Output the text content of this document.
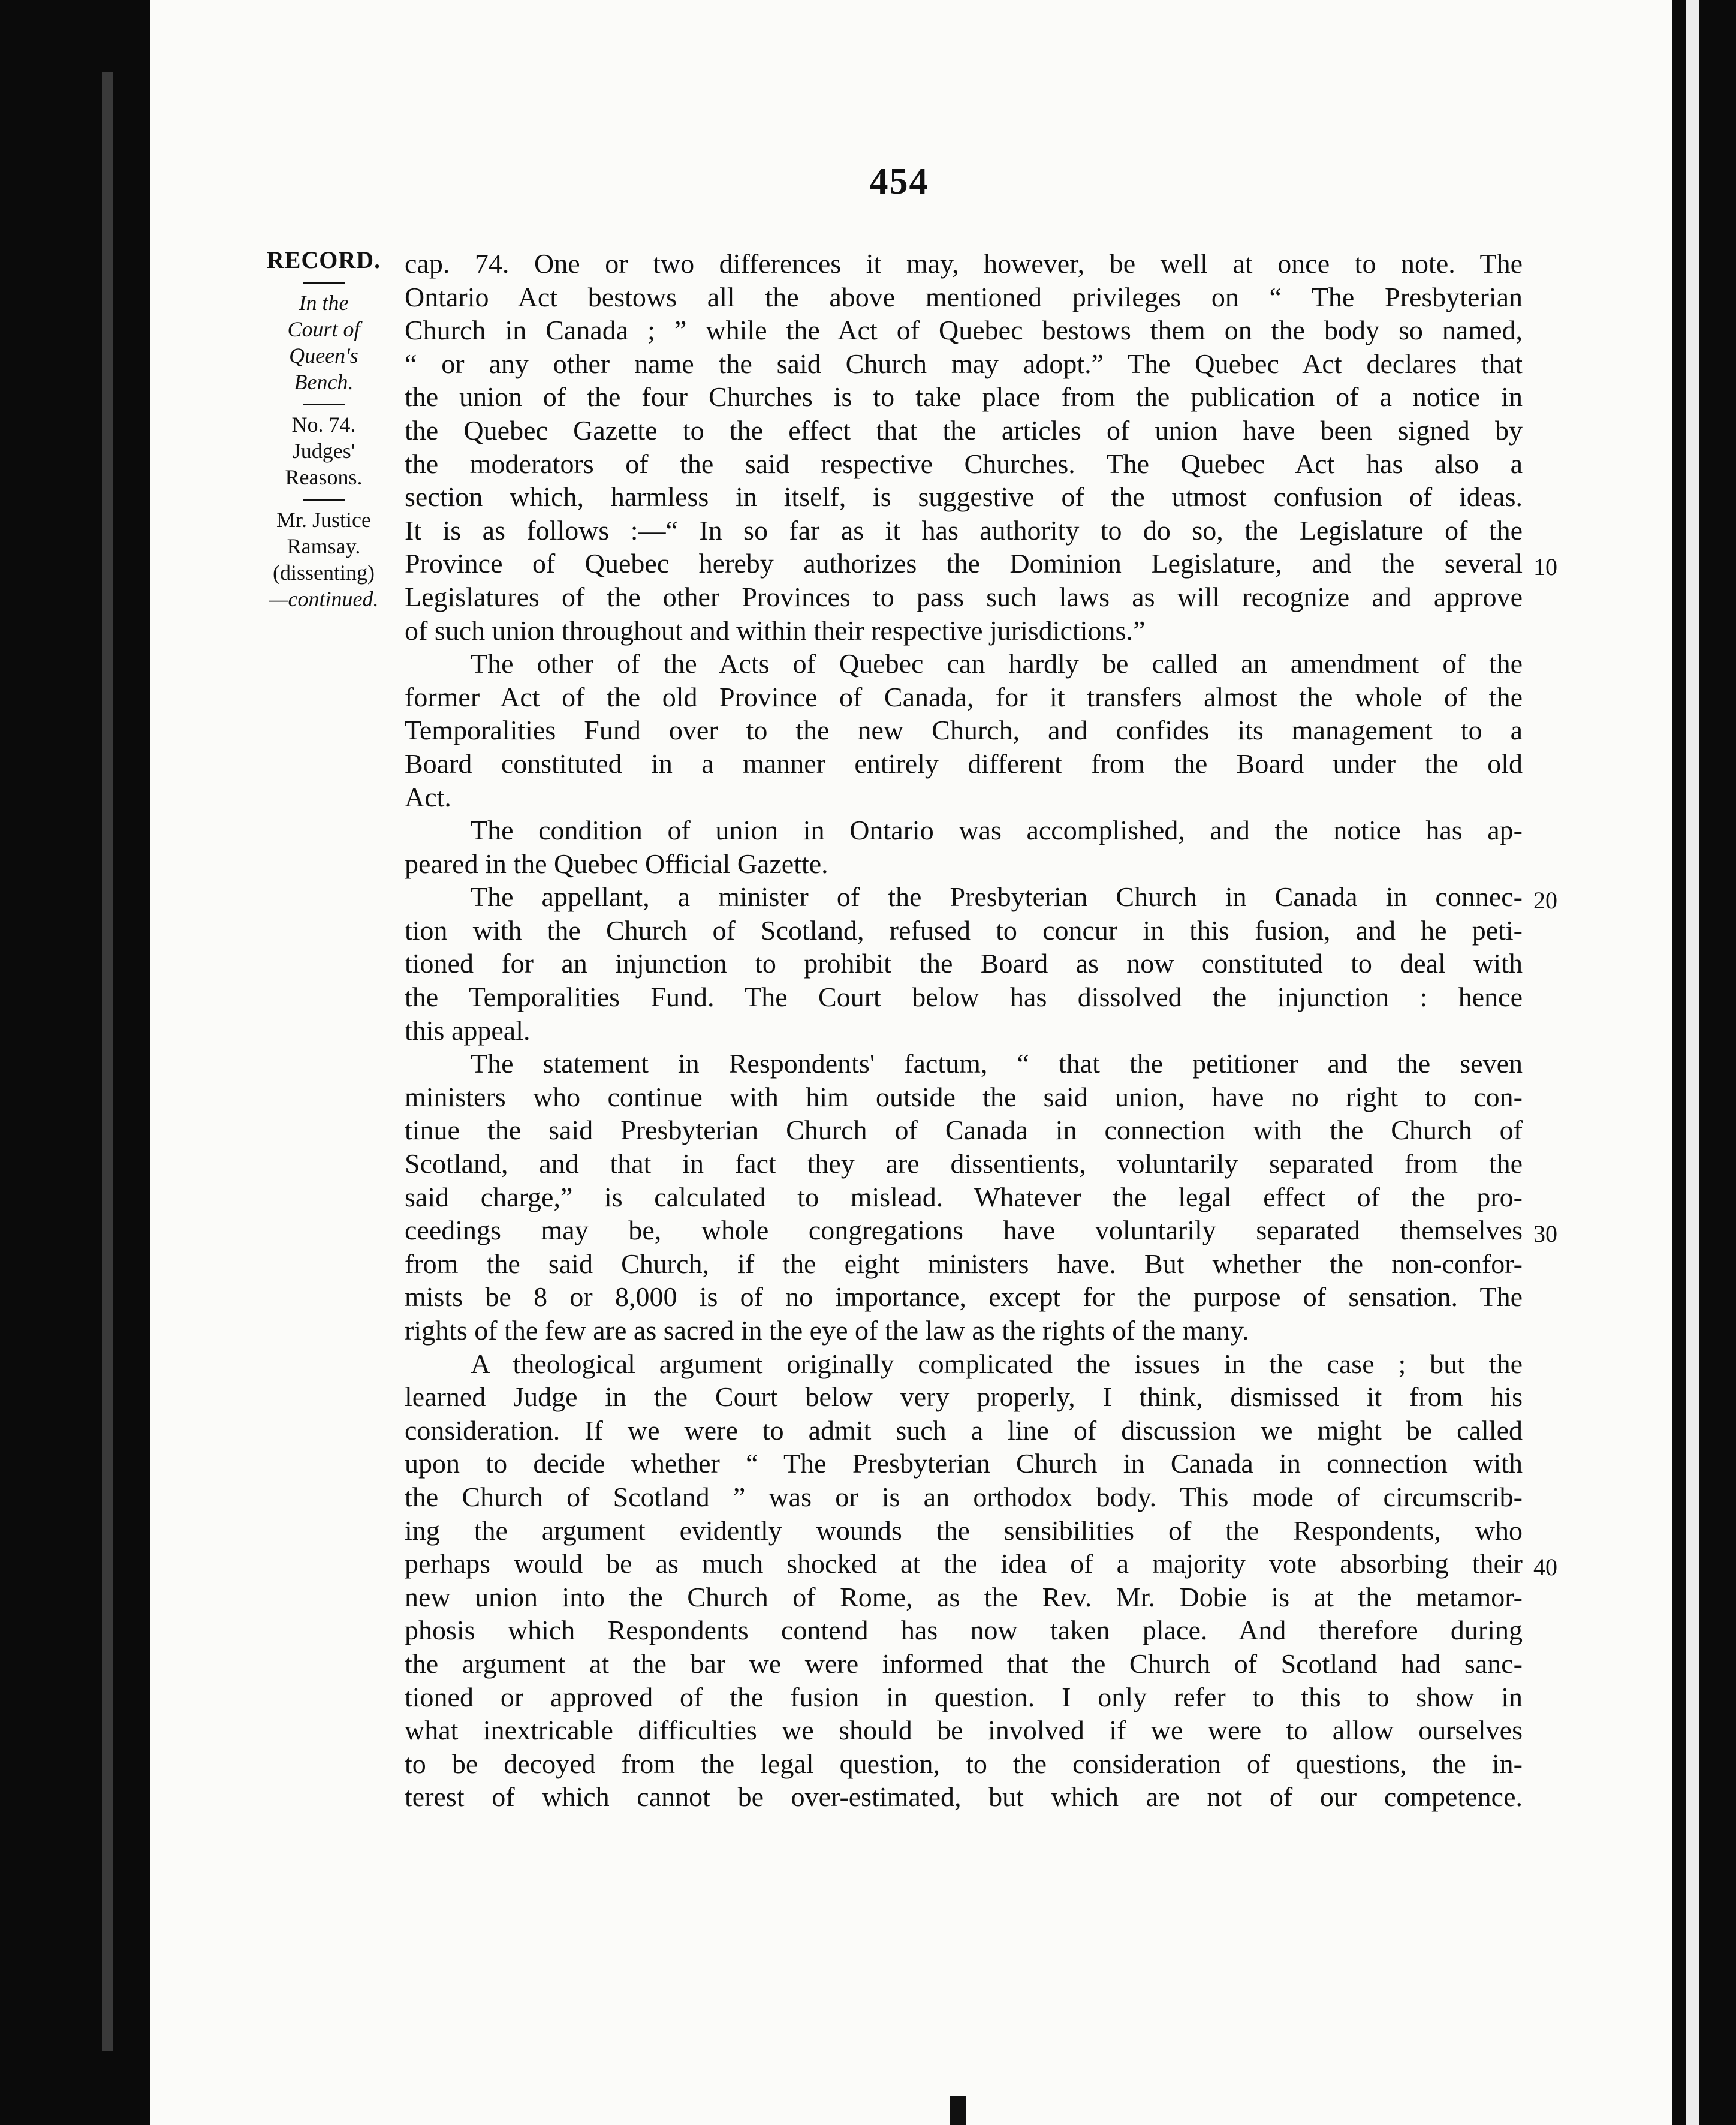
454
RECORD.
In the
Court of
Queen's
Bench.
No. 74.
Judges'
Reasons.
Mr. Justice
Ramsay.
(dissenting)
—continued.
cap. 74. One or two differences it may, however, be well at once to note. The
Ontario Act bestows all the above mentioned privileges on “ The Presbyterian
Church in Canada ; ” while the Act of Quebec bestows them on the body so named,
“ or any other name the said Church may adopt.” The Quebec Act declares that
the union of the four Churches is to take place from the publication of a notice in
the Quebec Gazette to the effect that the articles of union have been signed by
the moderators of the said respective Churches. The Quebec Act has also a
section which, harmless in itself, is suggestive of the utmost confusion of ideas.
It is as follows :—“ In so far as it has authority to do so, the Legislature of the
Province of Quebec hereby authorizes the Dominion Legislature, and the several
Legislatures of the other Provinces to pass such laws as will recognize and approve
of such union throughout and within their respective jurisdictions.”
The other of the Acts of Quebec can hardly be called an amendment of the
former Act of the old Province of Canada, for it transfers almost the whole of the
Temporalities Fund over to the new Church, and confides its management to a
Board constituted in a manner entirely different from the Board under the old
Act.
The condition of union in Ontario was accomplished, and the notice has ap-
peared in the Quebec Official Gazette.
The appellant, a minister of the Presbyterian Church in Canada in connec-
tion with the Church of Scotland, refused to concur in this fusion, and he peti-
tioned for an injunction to prohibit the Board as now constituted to deal with
the Temporalities Fund. The Court below has dissolved the injunction : hence
this appeal.
The statement in Respondents' factum, “ that the petitioner and the seven
ministers who continue with him outside the said union, have no right to con-
tinue the said Presbyterian Church of Canada in connection with the Church of
Scotland, and that in fact they are dissentients, voluntarily separated from the
said charge,” is calculated to mislead. Whatever the legal effect of the pro-
ceedings may be, whole congregations have voluntarily separated themselves
from the said Church, if the eight ministers have. But whether the non-confor-
mists be 8 or 8,000 is of no importance, except for the purpose of sensation. The
rights of the few are as sacred in the eye of the law as the rights of the many.
A theological argument originally complicated the issues in the case ; but the
learned Judge in the Court below very properly, I think, dismissed it from his
consideration. If we were to admit such a line of discussion we might be called
upon to decide whether “ The Presbyterian Church in Canada in connection with
the Church of Scotland ” was or is an orthodox body. This mode of circumscrib-
ing the argument evidently wounds the sensibilities of the Respondents, who
perhaps would be as much shocked at the idea of a majority vote absorbing their
new union into the Church of Rome, as the Rev. Mr. Dobie is at the metamor-
phosis which Respondents contend has now taken place. And therefore during
the argument at the bar we were informed that the Church of Scotland had sanc-
tioned or approved of the fusion in question. I only refer to this to show in
what inextricable difficulties we should be involved if we were to allow ourselves
to be decoyed from the legal question, to the consideration of questions, the in-
terest of which cannot be over-estimated, but which are not of our competence.
10
20
30
40
